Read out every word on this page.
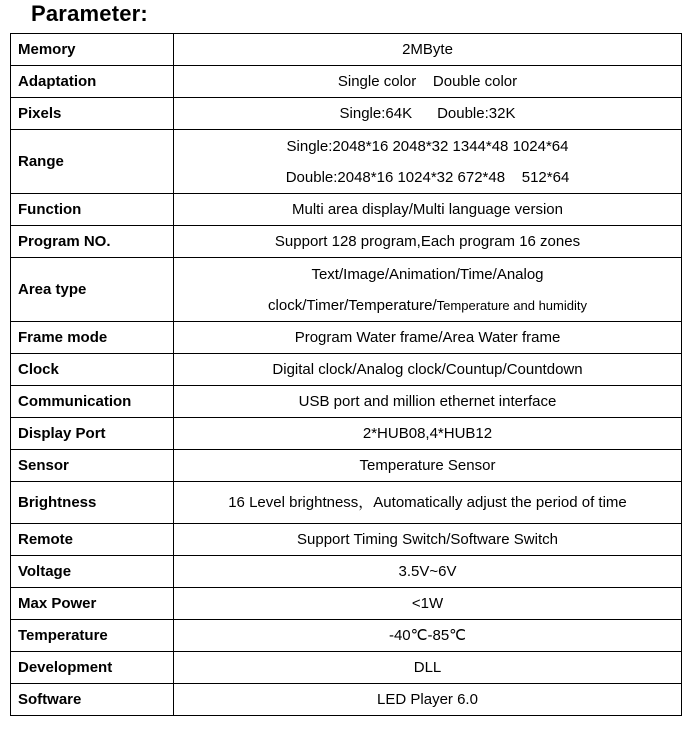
Parameter:
Memory	2MByte

Adaptation	Single color    Double color

Pixels	Single:64K      Double:32K

Range	Single:2048*16 2048*32 1344*48 1024*64
Double:2048*16 1024*32 672*48    512*64

Function	Multi area display/Multi language version

Program NO.	Support 128 program,Each program 16 zones

Area type	Text/Image/Animation/Time/Analog
clock/Timer/Temperature/Temperature and humidity

Frame mode	Program Water frame/Area Water frame

Clock	Digital clock/Analog clock/Countup/Countdown

Communication	USB port and million ethernet interface

Display Port	2*HUB08,4*HUB12

Sensor	Temperature Sensor

Brightness	16 Level brightness，Automatically adjust the period of time

Remote	Support Timing Switch/Software Switch

Voltage	3.5V~6V

Max Power	<1W

Temperature	-40℃-85℃

Development	DLL

Software	LED Player 6.0
